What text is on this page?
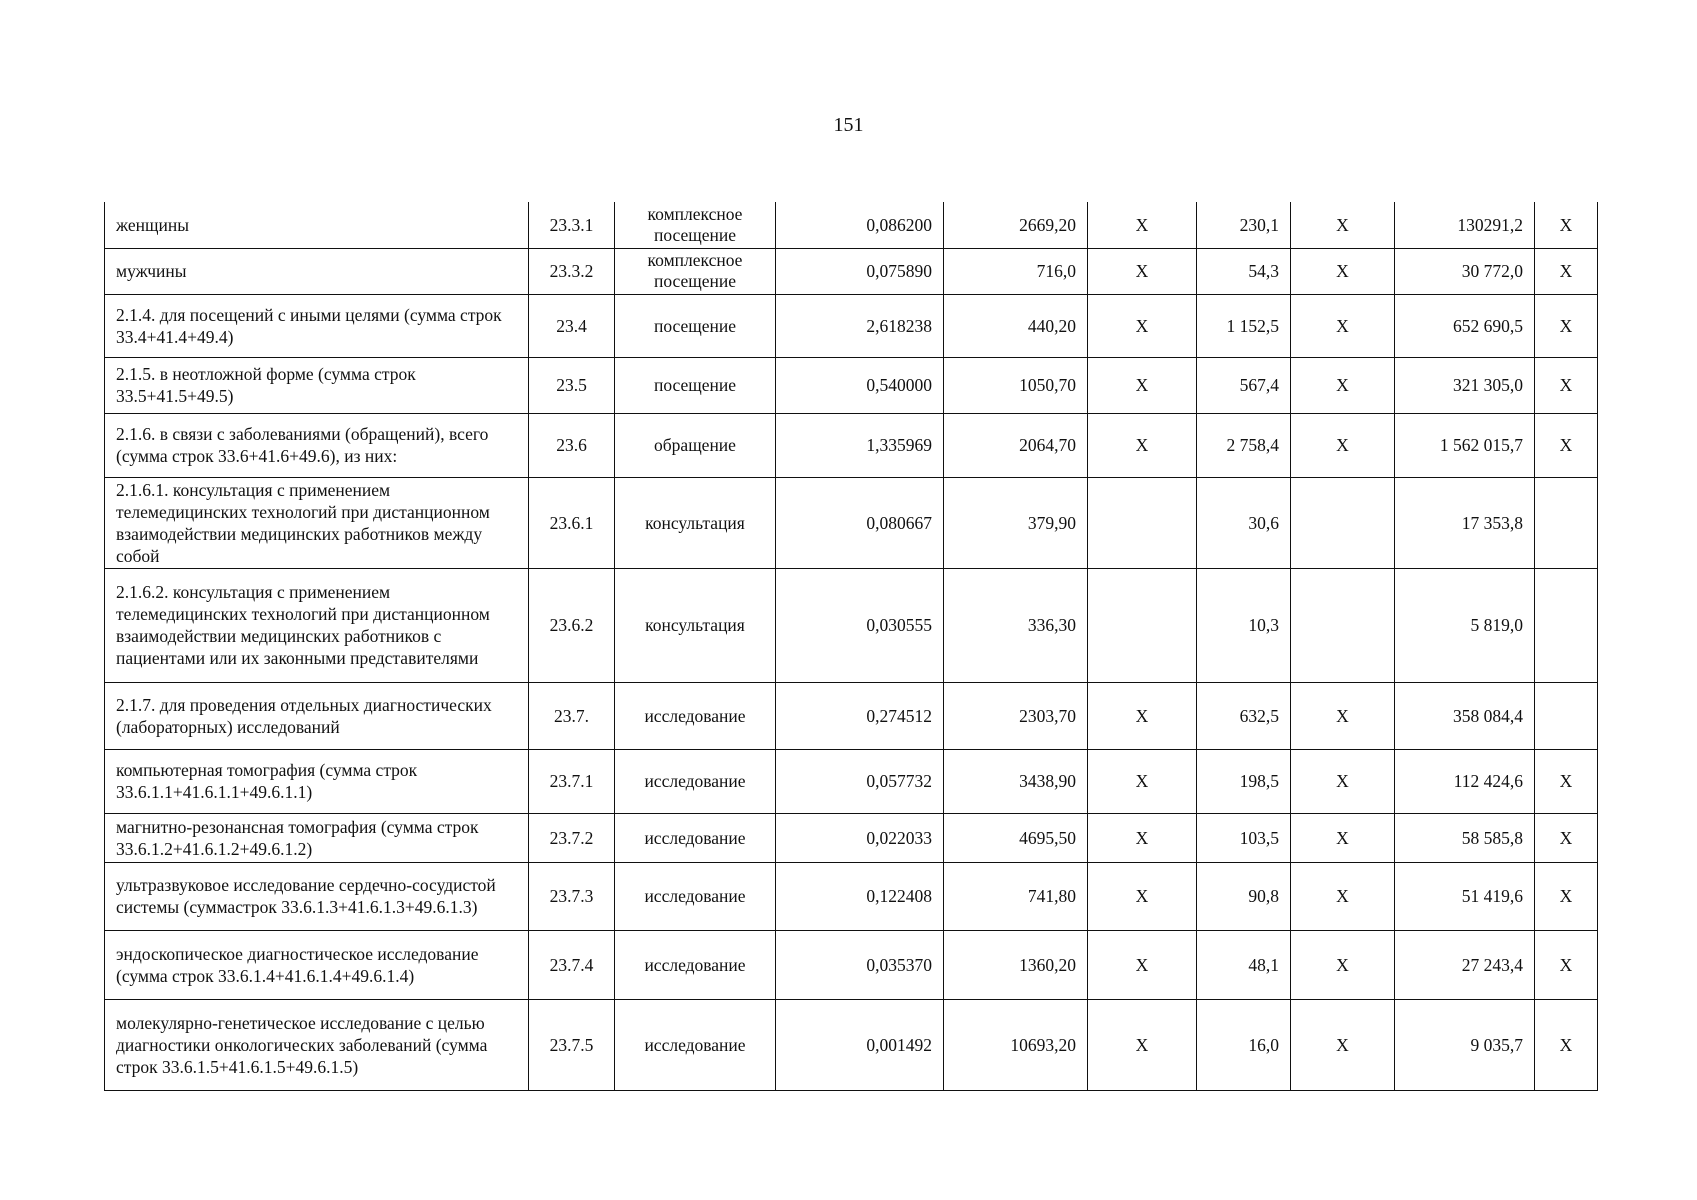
151
женщины	23.3.1	комплексное посещение	0,086200	2669,20	Х	230,1	Х	130291,2	Х
мужчины	23.3.2	комплексное посещение	0,075890	716,0	Х	54,3	Х	30 772,0	Х
2.1.4. для посещений с иными целями (сумма строк 33.4+41.4+49.4)	23.4	посещение	2,618238	440,20	Х	1 152,5	Х	652 690,5	Х
2.1.5. в неотложной форме (сумма строк 33.5+41.5+49.5)	23.5	посещение	0,540000	1050,70	Х	567,4	Х	321 305,0	Х
2.1.6. в связи с заболеваниями (обращений), всего (сумма строк 33.6+41.6+49.6), из них:	23.6	обращение	1,335969	2064,70	Х	2 758,4	Х	1 562 015,7	Х
2.1.6.1. консультация с применением телемедицинских технологий при дистанционном взаимодействии медицинских работников между собой	23.6.1	консультация	0,080667	379,90		30,6		17 353,8	
2.1.6.2. консультация с применением телемедицинских технологий при дистанционном взаимодействии медицинских работников с пациентами или их законными представителями	23.6.2	консультация	0,030555	336,30		10,3		5 819,0	
2.1.7. для проведения отдельных диагностических (лабораторных) исследований	23.7.	исследование	0,274512	2303,70	Х	632,5	Х	358 084,4	
компьютерная томография (сумма строк 33.6.1.1+41.6.1.1+49.6.1.1)	23.7.1	исследование	0,057732	3438,90	Х	198,5	Х	112 424,6	Х
магнитно-резонансная томография (сумма строк 33.6.1.2+41.6.1.2+49.6.1.2)	23.7.2	исследование	0,022033	4695,50	Х	103,5	Х	58 585,8	Х
ультразвуковое исследование сердечно-сосудистой системы (суммастрок 33.6.1.3+41.6.1.3+49.6.1.3)	23.7.3	исследование	0,122408	741,80	Х	90,8	Х	51 419,6	Х
эндоскопическое диагностическое исследование (сумма строк 33.6.1.4+41.6.1.4+49.6.1.4)	23.7.4	исследование	0,035370	1360,20	Х	48,1	Х	27 243,4	Х
молекулярно-генетическое исследование с целью диагностики онкологических заболеваний (сумма строк 33.6.1.5+41.6.1.5+49.6.1.5)	23.7.5	исследование	0,001492	10693,20	Х	16,0	Х	9 035,7	Х
